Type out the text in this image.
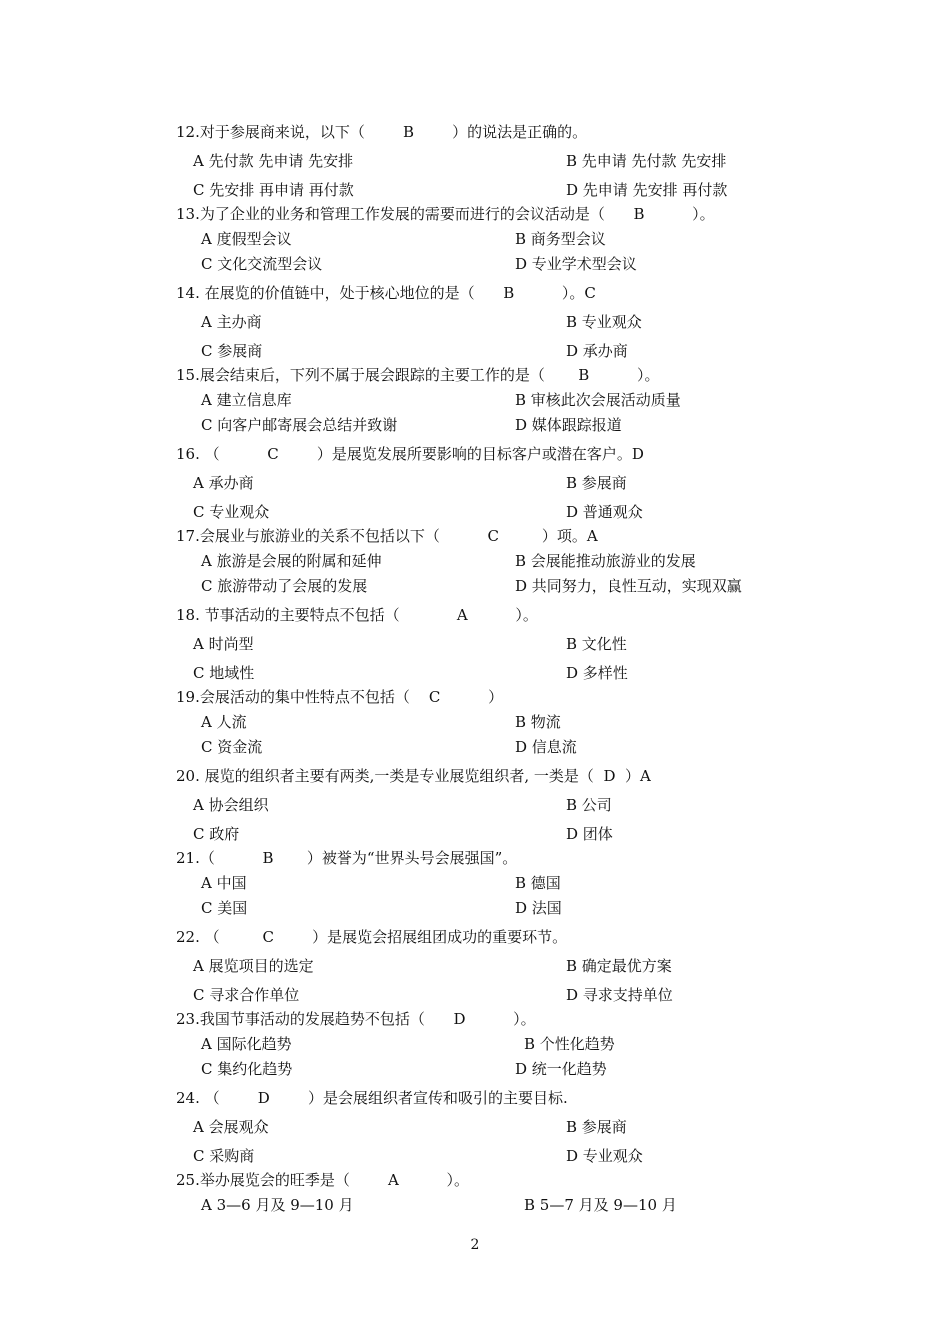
12.对于参展商来说，以下（        B        ）的说法是正确的。
A 先付款 先申请 先安排	B 先申请 先付款 先安排
C 先安排 再申请 再付款	D 先申请 先安排 再付款
13.为了企业的业务和管理工作发展的需要而进行的会议活动是（      B          ）。
A 度假型会议	B 商务型会议
C 文化交流型会议	D 专业学术型会议
14. 在展览的价值链中，处于核心地位的是（      B          ）。C
A 主办商	B 专业观众
C 参展商	D 承办商
15.展会结束后，下列不属于展会跟踪的主要工作的是（       B          ）。
A 建立信息库	B 审核此次会展活动质量
C 向客户邮寄展会总结并致谢	D 媒体跟踪报道
16. （          C        ）是展览发展所要影响的目标客户或潜在客户。D
A 承办商	B 参展商
C 专业观众	D 普通观众
17.会展业与旅游业的关系不包括以下（          C         ）项。A
A 旅游是会展的附属和延伸	B 会展能推动旅游业的发展
C 旅游带动了会展的发展	D 共同努力，良性互动，实现双赢
18. 节事活动的主要特点不包括（            A          ）。
A 时尚型	B 文化性
C 地域性	D 多样性
19.会展活动的集中性特点不包括（    C          ）
A 人流	B 物流
C 资金流	D 信息流
20. 展览的组织者主要有两类,一类是专业展览组织者, 一类是（  D  ）A
A 协会组织	B 公司
C 政府	D 团体
21.（          B       ）被誉为“世界头号会展强国”。
A 中国	B 德国
C 美国	D 法国
22. （         C        ）是展览会招展组团成功的重要环节。
A 展览项目的选定	B 确定最优方案
C 寻求合作单位	D 寻求支持单位
23.我国节事活动的发展趋势不包括（      D          ）。
A 国际化趋势	B 个性化趋势
C 集约化趋势	D 统一化趋势
24. （        D        ）是会展组织者宣传和吸引的主要目标.
A 会展观众	B 参展商
C 采购商	D 专业观众
25.举办展览会的旺季是（        A          ）。
A 3—6 月及 9—10 月	B 5—7 月及 9—10 月
2
